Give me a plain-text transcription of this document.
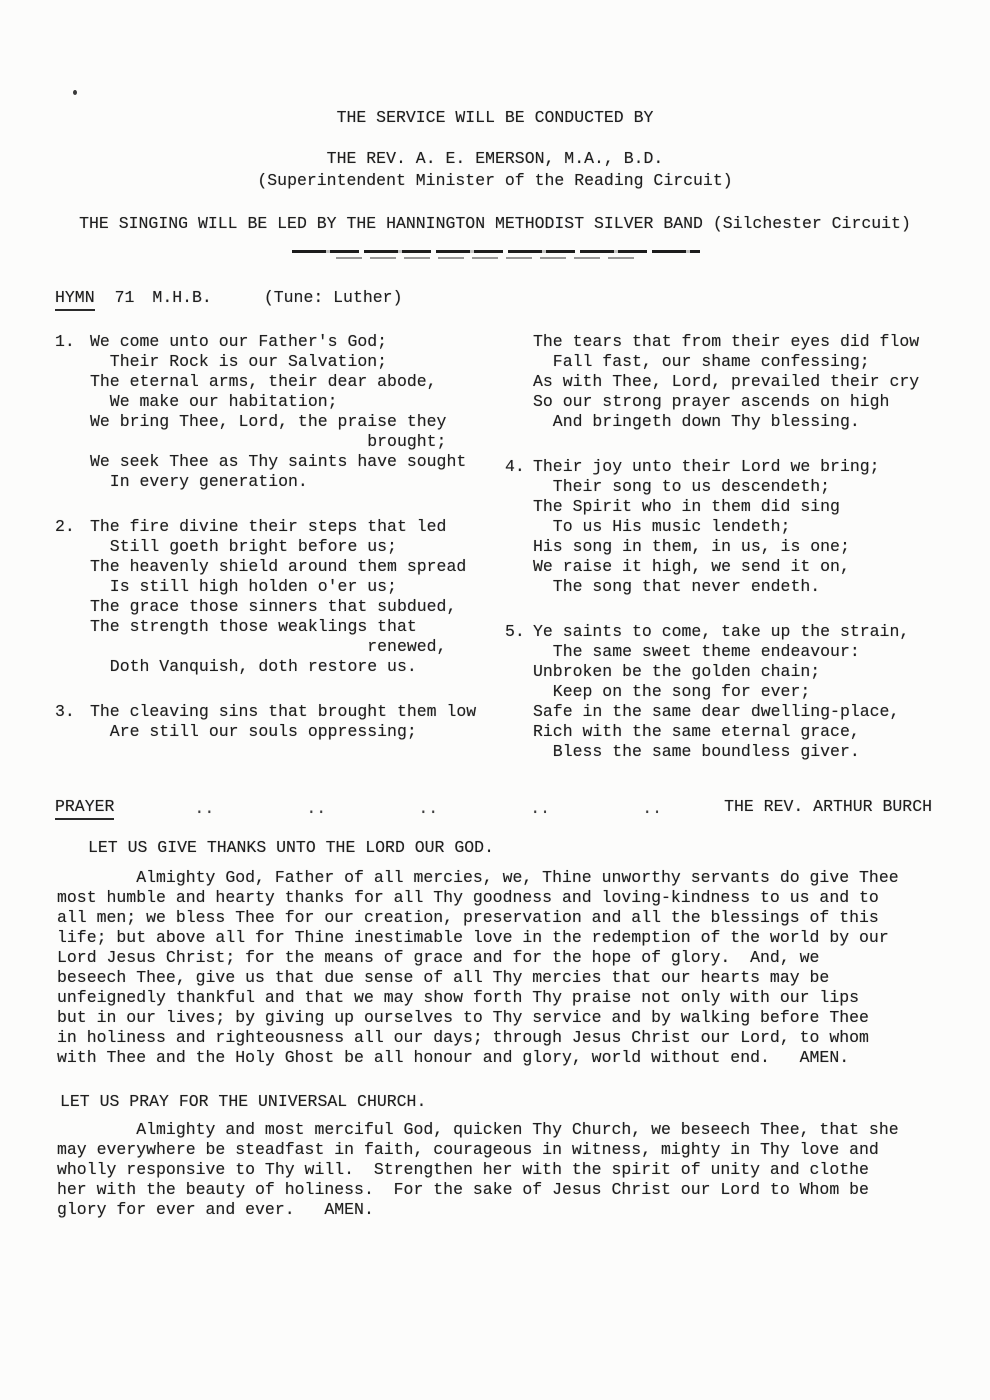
THE SERVICE WILL BE CONDUCTED BY
THE REV. A. E. EMERSON, M.A., B.D.
(Superintendent Minister of the Reading Circuit)
THE SINGING WILL BE LED BY THE HANNINGTON METHODIST SILVER BAND (Silchester Circuit)
HYMN 71 M.H.B.	(Tune: Luther)
1. We come unto our Father's God;
Their Rock is our Salvation;
The eternal arms, their dear abode,
We make our habitation;
We bring Thee, Lord, the praise they
brought;
We seek Thee as Thy saints have sought
In every generation.
2. The fire divine their steps that led
Still goeth bright before us;
The heavenly shield around them spread
Is still high holden o'er us;
The grace those sinners that subdued,
The strength those weaklings that
renewed,
Doth Vanquish, doth restore us.
3. The cleaving sins that brought them low
Are still our souls oppressing;
The tears that from their eyes did flow
Fall fast, our shame confessing;
As with Thee, Lord, prevailed their cry
So our strong prayer ascends on high
And bringeth down Thy blessing.
4. Their joy unto their Lord we bring;
Their song to us descendeth;
The Spirit who in them did sing
To us His music lendeth;
His song in them, in us, is one;
We raise it high, we send it on,
The song that never endeth.
5. Ye saints to come, take up the strain,
The same sweet theme endeavour:
Unbroken be the golden chain;
Keep on the song for ever;
Safe in the same dear dwelling-place,
Rich with the same eternal grace,
Bless the same boundless giver.
PRAYER	..	..	..	..	..	THE REV. ARTHUR BURCH
LET US GIVE THANKS UNTO THE LORD OUR GOD.
Almighty God, Father of all mercies, we, Thine unworthy servants do give Thee
most humble and hearty thanks for all Thy goodness and loving-kindness to us and to
all men; we bless Thee for our creation, preservation and all the blessings of this
life; but above all for Thine inestimable love in the redemption of the world by our
Lord Jesus Christ; for the means of grace and for the hope of glory.  And, we
beseech Thee, give us that due sense of all Thy mercies that our hearts may be
unfeignedly thankful and that we may show forth Thy praise not only with our lips
but in our lives; by giving up ourselves to Thy service and by walking before Thee
in holiness and righteousness all our days; through Jesus Christ our Lord, to whom
with Thee and the Holy Ghost be all honour and glory, world without end.   AMEN.
LET US PRAY FOR THE UNIVERSAL CHURCH.
Almighty and most merciful God, quicken Thy Church, we beseech Thee, that she
may everywhere be steadfast in faith, courageous in witness, mighty in Thy love and
wholly responsive to Thy will.  Strengthen her with the spirit of unity and clothe
her with the beauty of holiness.  For the sake of Jesus Christ our Lord to Whom be
glory for ever and ever.   AMEN.
